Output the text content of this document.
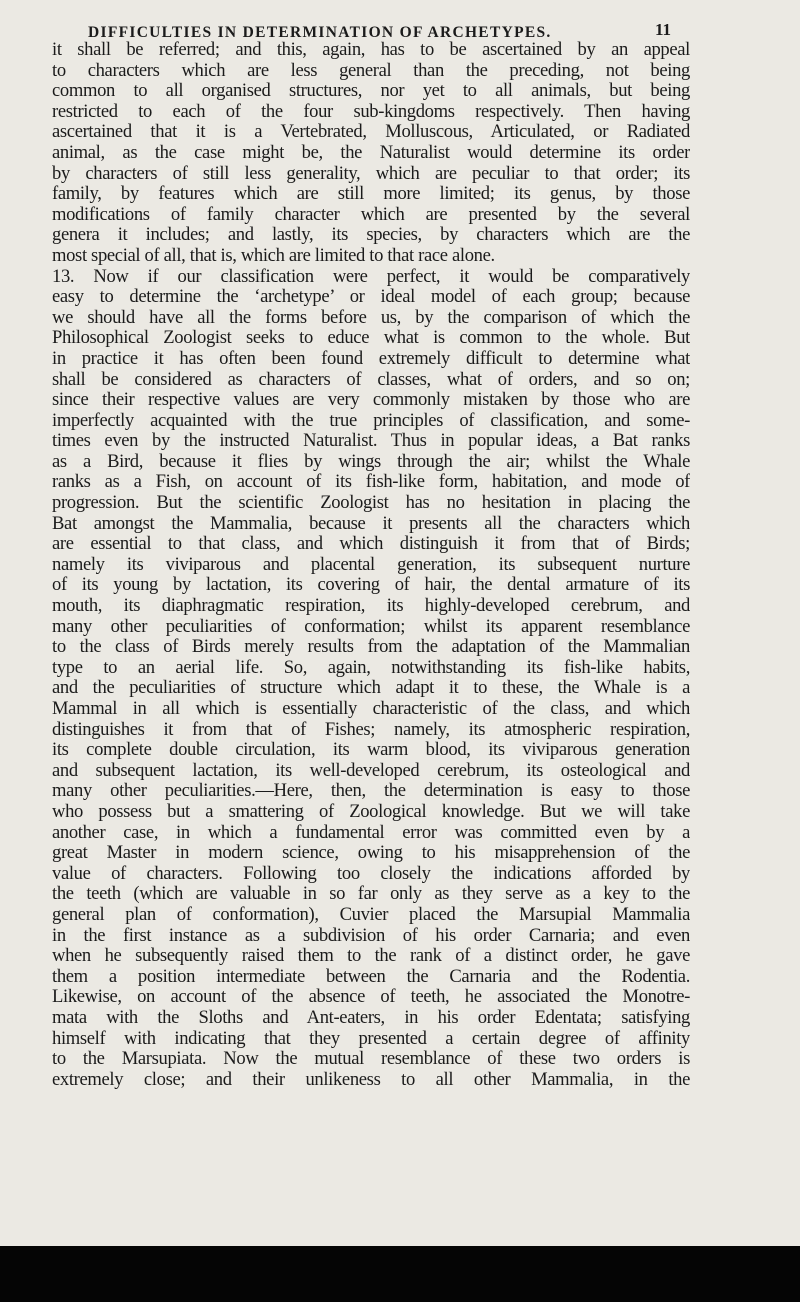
DIFFICULTIES IN DETERMINATION OF ARCHETYPES.	11
it shall be referred; and this, again, has to be ascertained by an appeal
to characters which are less general than the preceding, not being
common to all organised structures, nor yet to all animals, but being
restricted to each of the four sub-kingdoms respectively. Then having
ascertained that it is a Vertebrated, Molluscous, Articulated, or Radiated
animal, as the case might be, the Naturalist would determine its order
by characters of still less generality, which are peculiar to that order; its
family, by features which are still more limited; its genus, by those
modifications of family character which are presented by the several
genera it includes; and lastly, its species, by characters which are the
most special of all, that is, which are limited to that race alone.
13. Now if our classification were perfect, it would be comparatively
easy to determine the ‘archetype’ or ideal model of each group; because
we should have all the forms before us, by the comparison of which the
Philosophical Zoologist seeks to educe what is common to the whole. But
in practice it has often been found extremely difficult to determine what
shall be considered as characters of classes, what of orders, and so on;
since their respective values are very commonly mistaken by those who are
imperfectly acquainted with the true principles of classification, and some-
times even by the instructed Naturalist. Thus in popular ideas, a Bat ranks
as a Bird, because it flies by wings through the air; whilst the Whale
ranks as a Fish, on account of its fish-like form, habitation, and mode of
progression. But the scientific Zoologist has no hesitation in placing the
Bat amongst the Mammalia, because it presents all the characters which
are essential to that class, and which distinguish it from that of Birds;
namely its viviparous and placental generation, its subsequent nurture
of its young by lactation, its covering of hair, the dental armature of its
mouth, its diaphragmatic respiration, its highly-developed cerebrum, and
many other peculiarities of conformation; whilst its apparent resemblance
to the class of Birds merely results from the adaptation of the Mammalian
type to an aerial life. So, again, notwithstanding its fish-like habits,
and the peculiarities of structure which adapt it to these, the Whale is a
Mammal in all which is essentially characteristic of the class, and which
distinguishes it from that of Fishes; namely, its atmospheric respiration,
its complete double circulation, its warm blood, its viviparous generation
and subsequent lactation, its well-developed cerebrum, its osteological and
many other peculiarities.—Here, then, the determination is easy to those
who possess but a smattering of Zoological knowledge. But we will take
another case, in which a fundamental error was committed even by a
great Master in modern science, owing to his misapprehension of the
value of characters. Following too closely the indications afforded by
the teeth (which are valuable in so far only as they serve as a key to the
general plan of conformation), Cuvier placed the Marsupial Mammalia
in the first instance as a subdivision of his order Carnaria; and even
when he subsequently raised them to the rank of a distinct order, he gave
them a position intermediate between the Carnaria and the Rodentia.
Likewise, on account of the absence of teeth, he associated the Monotre-
mata with the Sloths and Ant-eaters, in his order Edentata; satisfying
himself with indicating that they presented a certain degree of affinity
to the Marsupiata. Now the mutual resemblance of these two orders is
extremely close; and their unlikeness to all other Mammalia, in the
